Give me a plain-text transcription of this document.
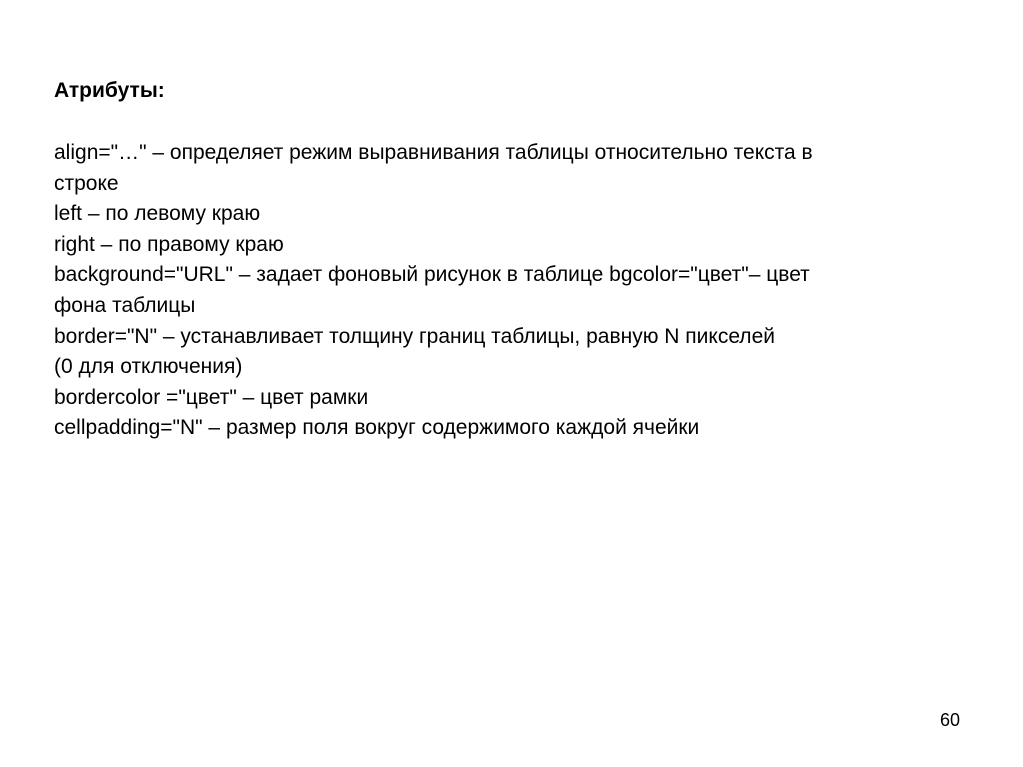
Атрибуты:
align="…" – определяет режим выравнивания таблицы относительно текста в
строке
left – по левому краю
right – по правому краю
background="URL" – задает фоновый рисунок в таблице bgcolor="цвет"– цвет
фона таблицы
border="N" – устанавливает толщину границ таблицы, равную N пикселей
(0 для отключения)
bordercolor ="цвет" – цвет рамки
cellpadding="N" – размер поля вокруг содержимого каждой ячейки
60
